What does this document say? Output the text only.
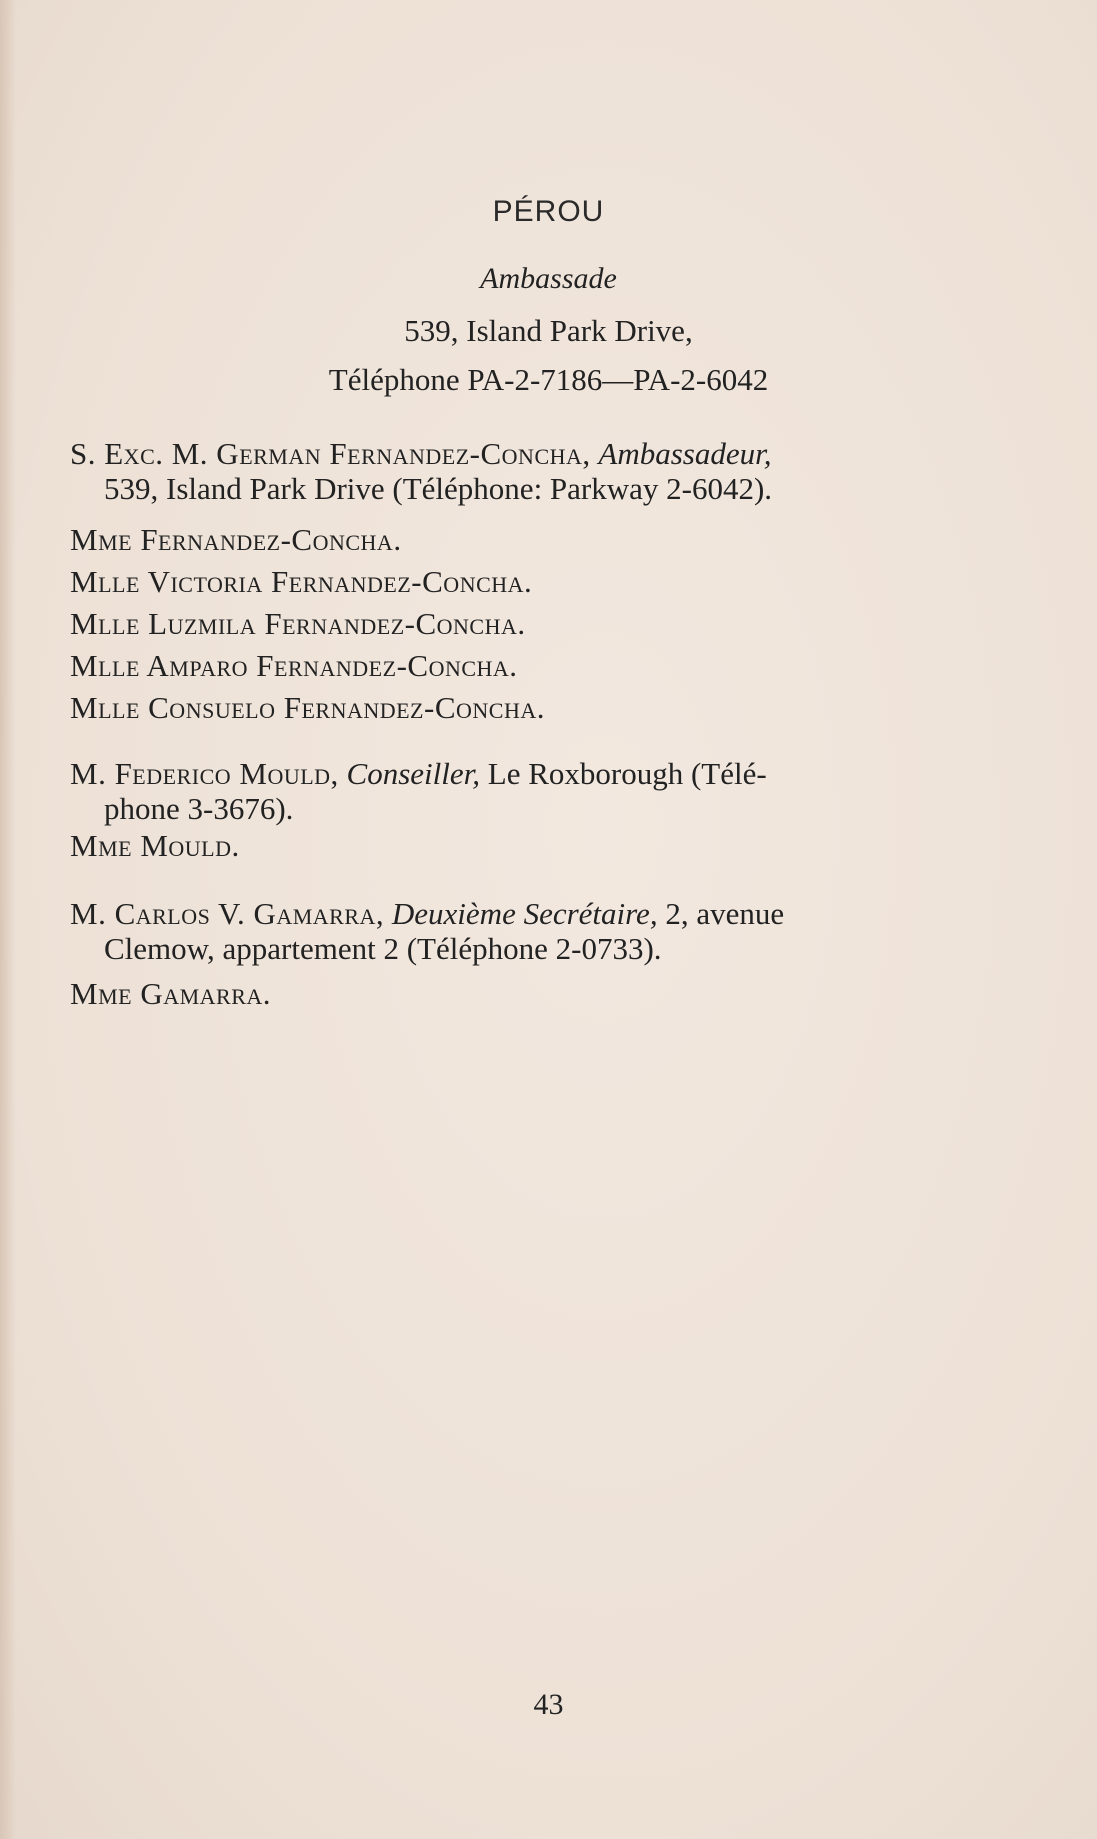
PÉROU
Ambassade
539, Island Park Drive,
Téléphone PA-2-7186—PA-2-6042
S. Exc. M. German Fernandez-Concha, Ambassadeur,
539, Island Park Drive (Téléphone: Parkway 2-6042).
Mme Fernandez-Concha.
Mlle Victoria Fernandez-Concha.
Mlle Luzmila Fernandez-Concha.
Mlle Amparo Fernandez-Concha.
Mlle Consuelo Fernandez-Concha.
M. Federico Mould, Conseiller, Le Roxborough (Télé-
phone 3-3676).
Mme Mould.
M. Carlos V. Gamarra, Deuxième Secrétaire, 2, avenue
Clemow, appartement 2 (Téléphone 2-0733).
Mme Gamarra.
43
